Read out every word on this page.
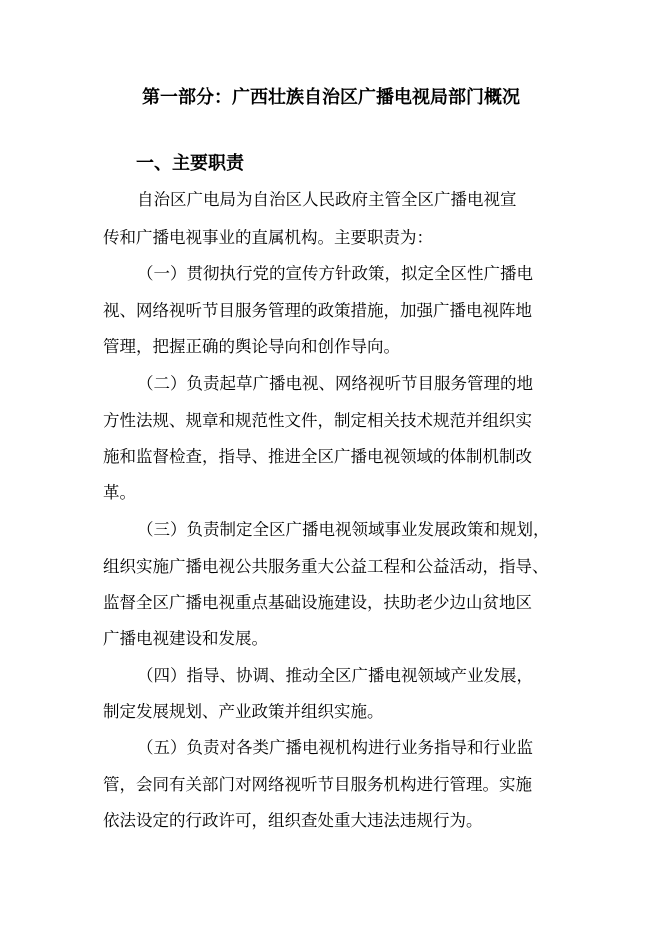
第一部分：广西壮族自治区广播电视局部门概况
一、主要职责
自治区广电局为自治区人民政府主管全区广播电视宣
传和广播电视事业的直属机构。主要职责为：
（一）贯彻执行党的宣传方针政策，拟定全区性广播电
视、网络视听节目服务管理的政策措施，加强广播电视阵地
管理，把握正确的舆论导向和创作导向。
（二）负责起草广播电视、网络视听节目服务管理的地
方性法规、规章和规范性文件，制定相关技术规范并组织实
施和监督检查，指导、推进全区广播电视领域的体制机制改
革。
（三）负责制定全区广播电视领域事业发展政策和规划，
组织实施广播电视公共服务重大公益工程和公益活动，指导、
监督全区广播电视重点基础设施建设，扶助老少边山贫地区
广播电视建设和发展。
（四）指导、协调、推动全区广播电视领域产业发展，
制定发展规划、产业政策并组织实施。
（五）负责对各类广播电视机构进行业务指导和行业监
管，会同有关部门对网络视听节目服务机构进行管理。实施
依法设定的行政许可，组织查处重大违法违规行为。
